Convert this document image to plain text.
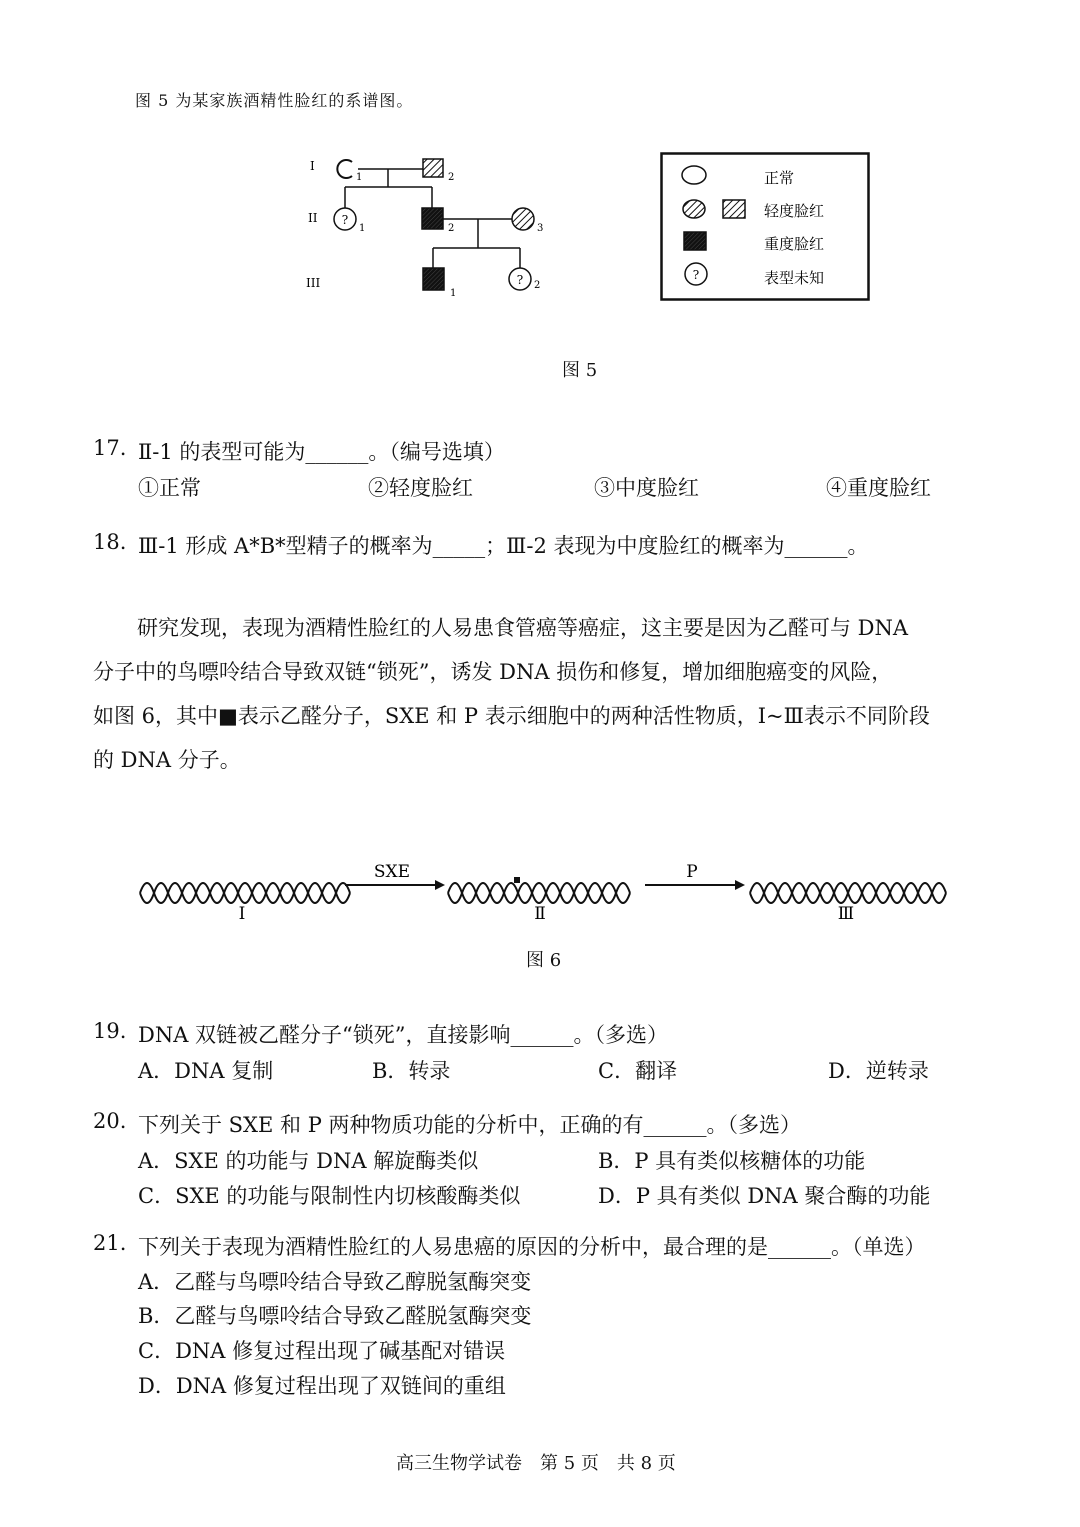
图 5 为某家族酒精性脸红的系谱图。
I
II
III
1	2
?
1	2	3
1
? 2
正常
轻度脸红
重度脸红
?	表型未知
图 5
17. Ⅱ-1 的表型可能为______。（编号选填）
①正常	②轻度脸红	③中度脸红	④重度脸红
18. Ⅲ-1 形成 A*B*型精子的概率为_____；Ⅲ-2 表现为中度脸红的概率为______。

研究发现，表现为酒精性脸红的人易患食管癌等癌症，这主要是因为乙醛可与 DNA

分子中的鸟嘌呤结合导致双链“锁死”，诱发 DNA 损伤和修复，增加细胞癌变的风险，

如图 6，其中■表示乙醛分子，SXE 和 P 表示细胞中的两种活性物质，Ⅰ~Ⅲ表示不同阶段

的 DNA 分子。

SXE	P
Ⅰ	Ⅱ	Ⅲ
图 6
19. DNA 双链被乙醛分子“锁死”，直接影响______。（多选）
A．DNA 复制	B．转录	C．翻译	D．逆转录
20. 下列关于 SXE 和 P 两种物质功能的分析中，正确的有______。（多选）
A．SXE 的功能与 DNA 解旋酶类似	B．P 具有类似核糖体的功能
C．SXE 的功能与限制性内切核酸酶类似	D．P 具有类似 DNA 聚合酶的功能
21. 下列关于表现为酒精性脸红的人易患癌的原因的分析中，最合理的是______。（单选）
A．乙醛与鸟嘌呤结合导致乙醇脱氢酶突变
B．乙醛与鸟嘌呤结合导致乙醛脱氢酶突变
C．DNA 修复过程出现了碱基配对错误
D．DNA 修复过程出现了双链间的重组
高三生物学试卷　第 5 页　共 8 页
